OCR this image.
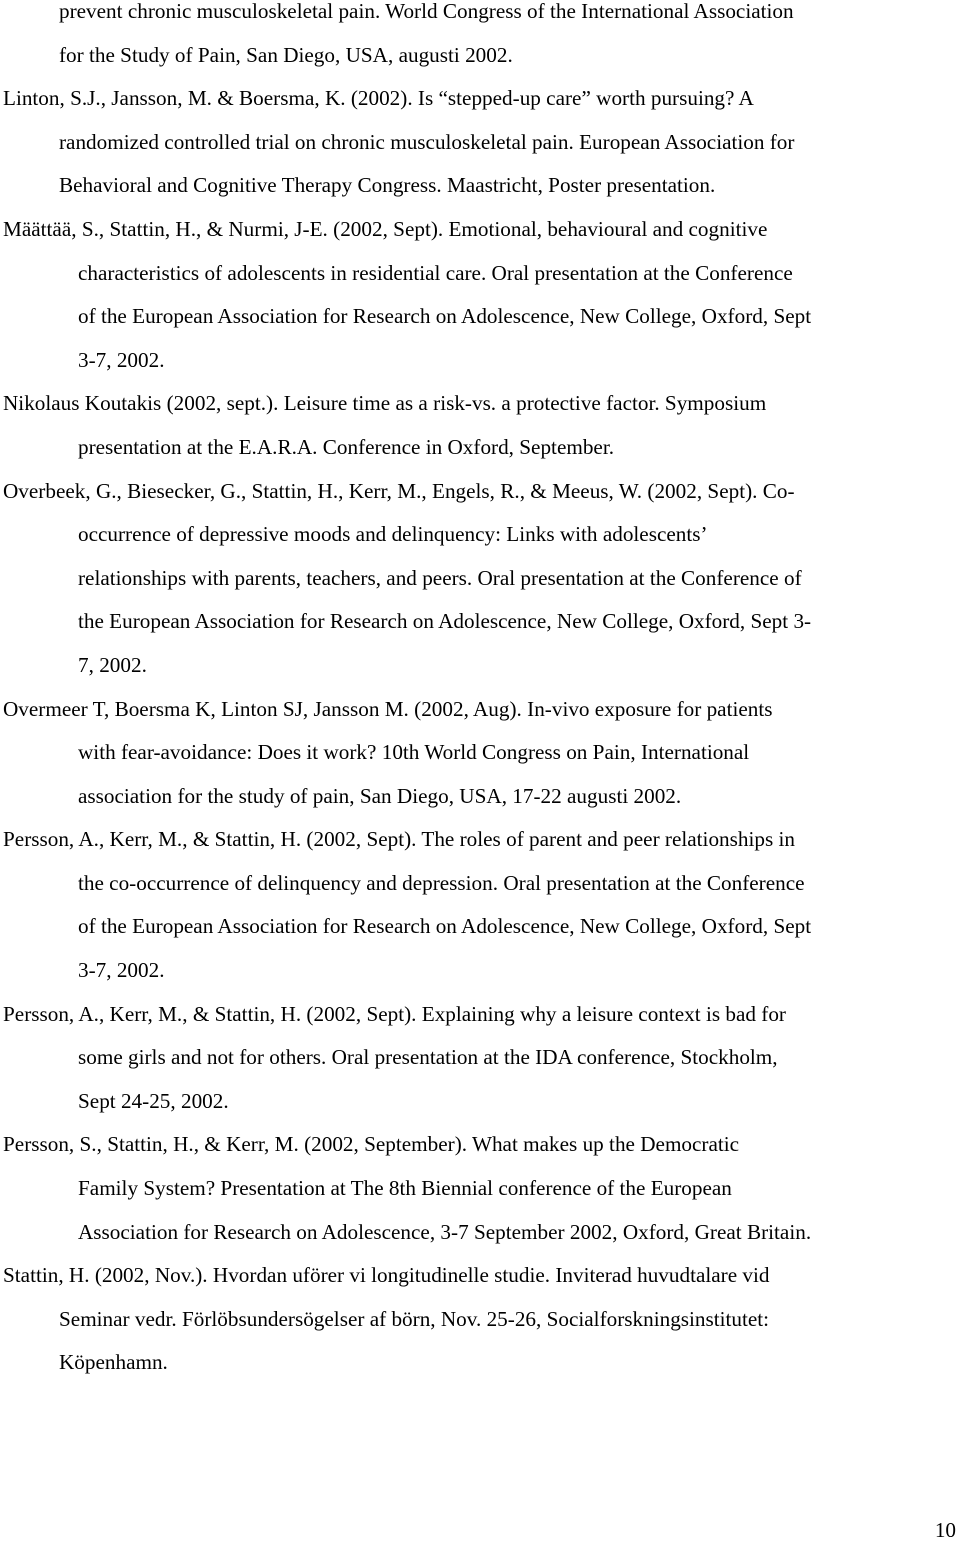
prevent chronic musculoskeletal pain. World Congress of the International Association
for the Study of Pain, San Diego, USA, augusti 2002.

Linton, S.J., Jansson, M. & Boersma, K. (2002). Is “stepped-up care” worth pursuing? A
randomized controlled trial on chronic musculoskeletal pain. European Association for
Behavioral and Cognitive Therapy Congress. Maastricht, Poster presentation.

Määttää, S., Stattin, H., & Nurmi, J-E. (2002, Sept). Emotional, behavioural and cognitive
characteristics of adolescents in residential care. Oral presentation at the Conference
of the European Association for Research on Adolescence, New College, Oxford, Sept
3-7, 2002.

Nikolaus Koutakis (2002, sept.). Leisure time as a risk-vs. a protective factor. Symposium
presentation at the E.A.R.A. Conference in Oxford, September.

Overbeek, G., Biesecker, G., Stattin, H., Kerr, M., Engels, R., & Meeus, W. (2002, Sept). Co-
occurrence of depressive moods and delinquency: Links with adolescents’
relationships with parents, teachers, and peers. Oral presentation at the Conference of
the European Association for Research on Adolescence, New College, Oxford, Sept 3-
7, 2002.

Overmeer T, Boersma K, Linton SJ, Jansson M. (2002, Aug). In-vivo exposure for patients
with fear-avoidance: Does it work? 10th World Congress on Pain, International
association for the study of pain, San Diego, USA, 17-22 augusti 2002.

Persson, A., Kerr, M., & Stattin, H. (2002, Sept). The roles of parent and peer relationships in
the co-occurrence of delinquency and depression. Oral presentation at the Conference
of the European Association for Research on Adolescence, New College, Oxford, Sept
3-7, 2002.

Persson, A., Kerr, M., & Stattin, H. (2002, Sept). Explaining why a leisure context is bad for
some girls and not for others. Oral presentation at the IDA conference, Stockholm,
Sept 24-25, 2002.

Persson, S., Stattin, H., & Kerr, M. (2002, September). What makes up the Democratic
Family System? Presentation at The 8th Biennial conference of the European
Association for Research on Adolescence, 3-7 September 2002, Oxford, Great Britain.

Stattin, H. (2002, Nov.). Hvordan uförer vi longitudinelle studie. Inviterad huvudtalare vid
Seminar vedr. Förlöbsundersögelser af börn, Nov. 25-26, Socialforskningsinstitutet:
Köpenhamn.

10
